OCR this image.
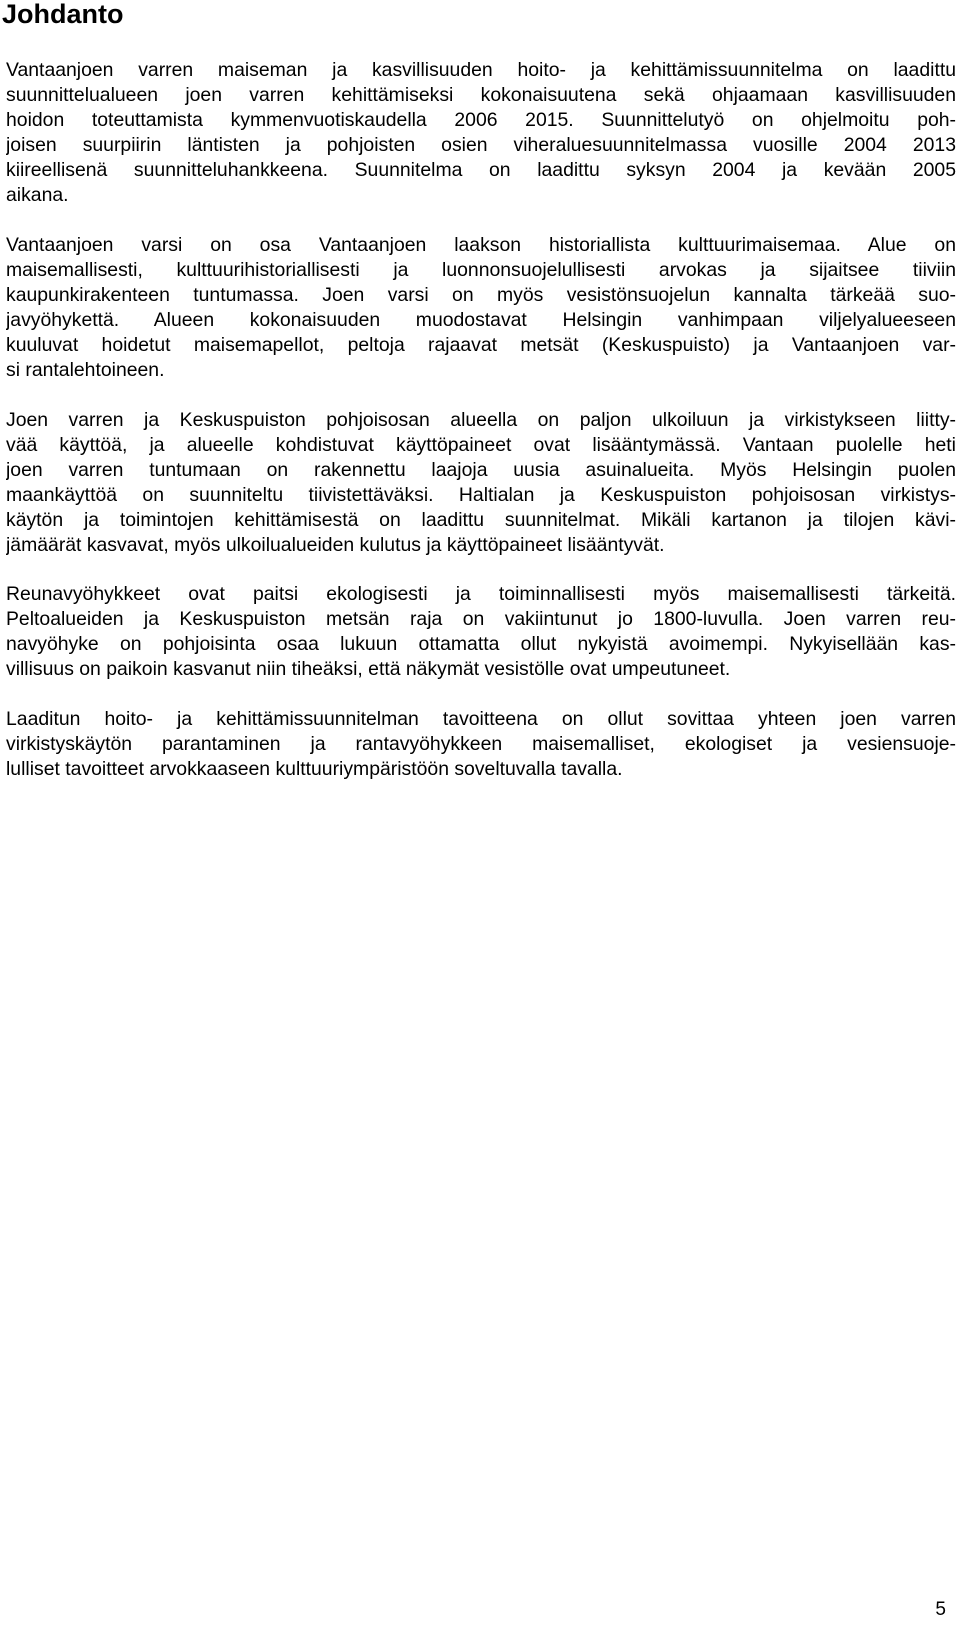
Johdanto

Vantaanjoen varren maiseman ja kasvillisuuden hoito- ja kehittämissuunnitelma on laadittu
suunnittelualueen joen varren kehittämiseksi kokonaisuutena sekä ohjaamaan kasvillisuuden
hoidon toteuttamista kymmenvuotiskaudella 2006 2015. Suunnittelutyö on ohjelmoitu poh-
joisen suurpiirin läntisten ja pohjoisten osien viheraluesuunnitelmassa vuosille 2004 2013
kiireellisenä suunnitteluhankkeena. Suunnitelma on laadittu syksyn 2004 ja kevään 2005
aikana.

Vantaanjoen varsi on osa Vantaanjoen laakson historiallista kulttuurimaisemaa. Alue on
maisemallisesti, kulttuurihistoriallisesti ja luonnonsuojelullisesti arvokas ja sijaitsee tiiviin
kaupunkirakenteen tuntumassa. Joen varsi on myös vesistönsuojelun kannalta tärkeää suo-
javyöhykettä. Alueen kokonaisuuden muodostavat Helsingin vanhimpaan viljelyalueeseen
kuuluvat hoidetut maisemapellot, peltoja rajaavat metsät (Keskuspuisto) ja Vantaanjoen var-
si rantalehtoineen.

Joen varren ja Keskuspuiston pohjoisosan alueella on paljon ulkoiluun ja virkistykseen liitty-
vää käyttöä, ja alueelle kohdistuvat käyttöpaineet ovat lisääntymässä. Vantaan puolelle heti
joen varren tuntumaan on rakennettu laajoja uusia asuinalueita. Myös Helsingin puolen
maankäyttöä on suunniteltu tiivistettäväksi. Haltialan ja Keskuspuiston pohjoisosan virkistys-
käytön ja toimintojen kehittämisestä on laadittu suunnitelmat. Mikäli kartanon ja tilojen kävi-
jämäärät kasvavat, myös ulkoilualueiden kulutus ja käyttöpaineet lisääntyvät.

Reunavyöhykkeet ovat paitsi ekologisesti ja toiminnallisesti myös maisemallisesti tärkeitä.
Peltoalueiden ja Keskuspuiston metsän raja on vakiintunut jo 1800-luvulla. Joen varren reu-
navyöhyke on pohjoisinta osaa lukuun ottamatta ollut nykyistä avoimempi. Nykyisellään kas-
villisuus on paikoin kasvanut niin tiheäksi, että näkymät vesistölle ovat umpeutuneet.

Laaditun hoito- ja kehittämissuunnitelman tavoitteena on ollut sovittaa yhteen joen varren
virkistyskäytön parantaminen ja rantavyöhykkeen maisemalliset, ekologiset ja vesiensuoje-
lulliset tavoitteet arvokkaaseen kulttuuriympäristöön soveltuvalla tavalla.

5
